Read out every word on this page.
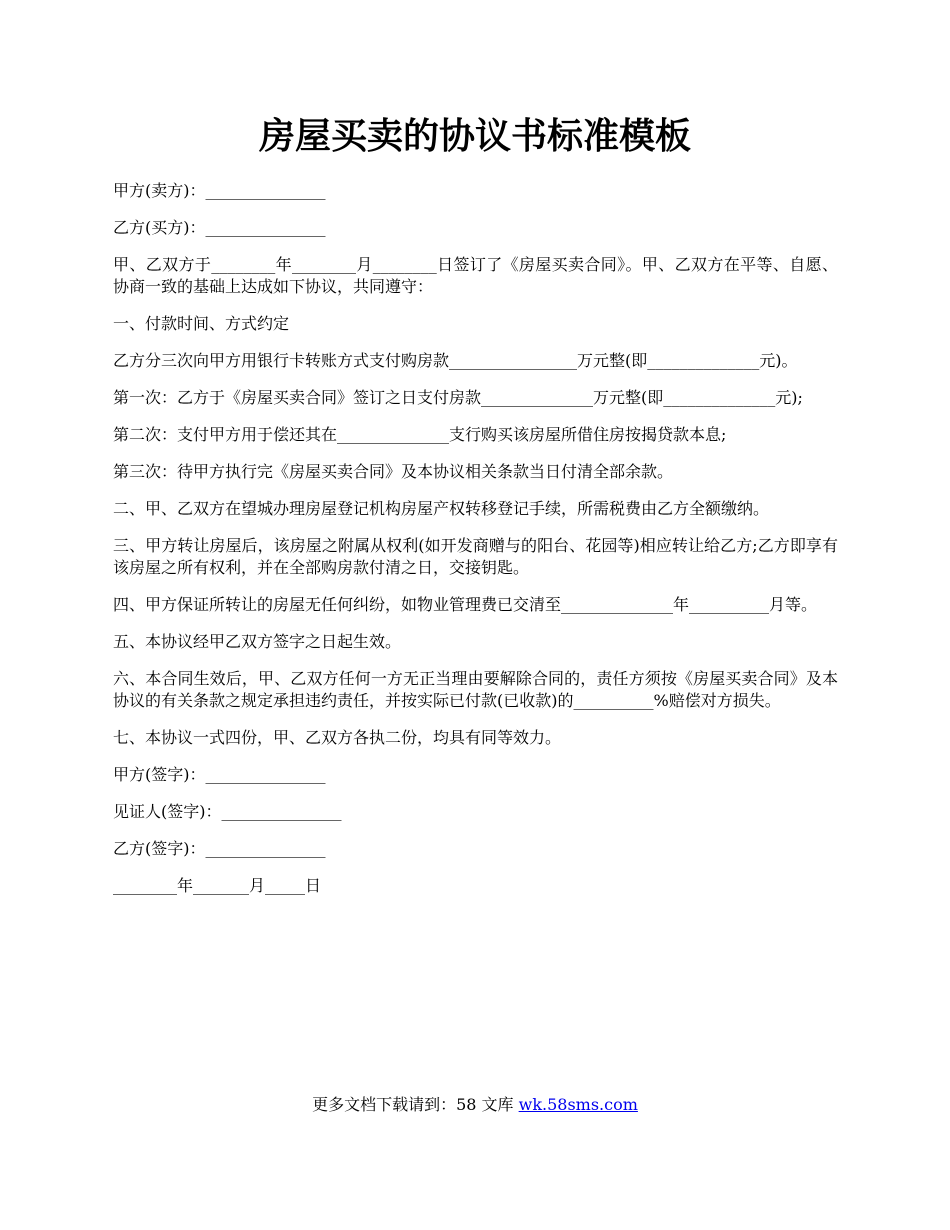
房屋买卖的协议书标准模板

甲方(卖方)：_______________

乙方(买方)：_______________

甲、乙双方于________年________月________日签订了《房屋买卖合同》。甲、乙双方在平等、自愿、协商一致的基础上达成如下协议，共同遵守：

一、付款时间、方式约定

乙方分三次向甲方用银行卡转账方式支付购房款________________万元整(即______________元)。

第一次：乙方于《房屋买卖合同》签订之日支付房款______________万元整(即______________元);

第二次：支付甲方用于偿还其在______________支行购买该房屋所借住房按揭贷款本息;

第三次：待甲方执行完《房屋买卖合同》及本协议相关条款当日付清全部余款。

二、甲、乙双方在望城办理房屋登记机构房屋产权转移登记手续，所需税费由乙方全额缴纳。

三、甲方转让房屋后，该房屋之附属从权利(如开发商赠与的阳台、花园等)相应转让给乙方;乙方即享有该房屋之所有权利，并在全部购房款付清之日，交接钥匙。

四、甲方保证所转让的房屋无任何纠纷，如物业管理费已交清至______________年__________月等。

五、本协议经甲乙双方签字之日起生效。

六、本合同生效后，甲、乙双方任何一方无正当理由要解除合同的，责任方须按《房屋买卖合同》及本协议的有关条款之规定承担违约责任，并按实际已付款(已收款)的__________%赔偿对方损失。

七、本协议一式四份，甲、乙双方各执二份，均具有同等效力。

甲方(签字)：_______________

见证人(签字)：_______________

乙方(签字)：_______________

________年_______月_____日

更多文档下载请到：58 文库 wk.58sms.com
